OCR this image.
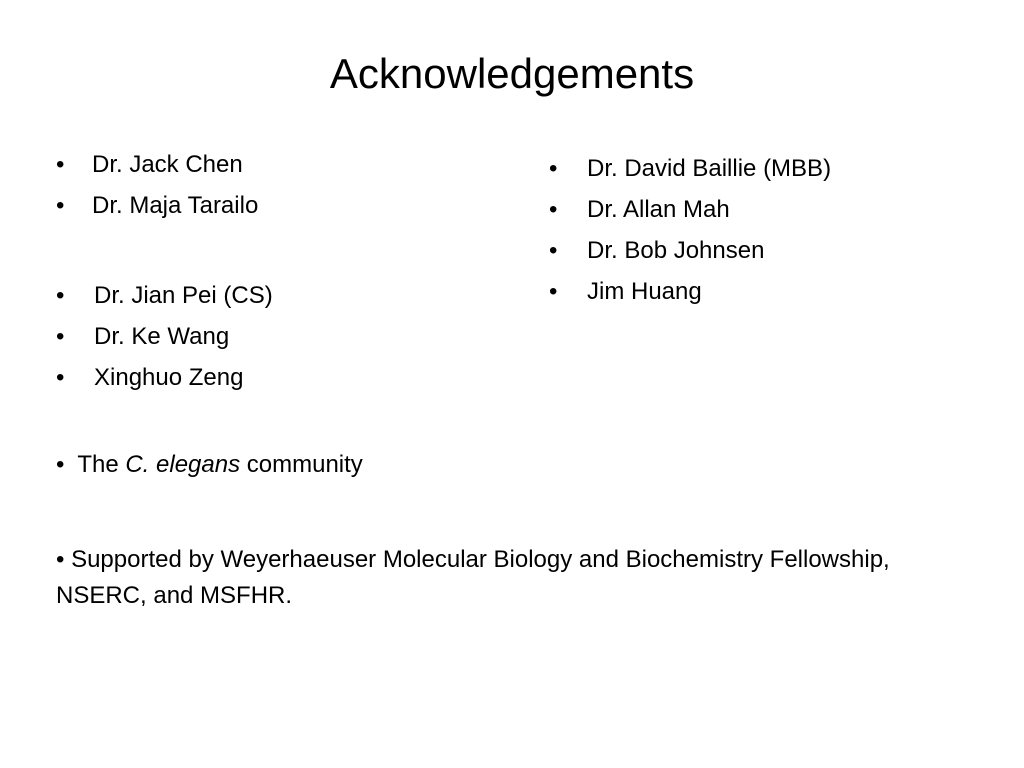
Acknowledgements
• Dr. Jack Chen
• Dr. Maja Tarailo
• Dr. Jian Pei (CS)
• Dr. Ke Wang
• Xinghuo Zeng
• Dr. David Baillie (MBB)
• Dr. Allan Mah
• Dr. Bob Johnsen
• Jim Huang

• The C. elegans community

• Supported by Weyerhaeuser Molecular Biology and Biochemistry Fellowship, NSERC, and MSFHR.
